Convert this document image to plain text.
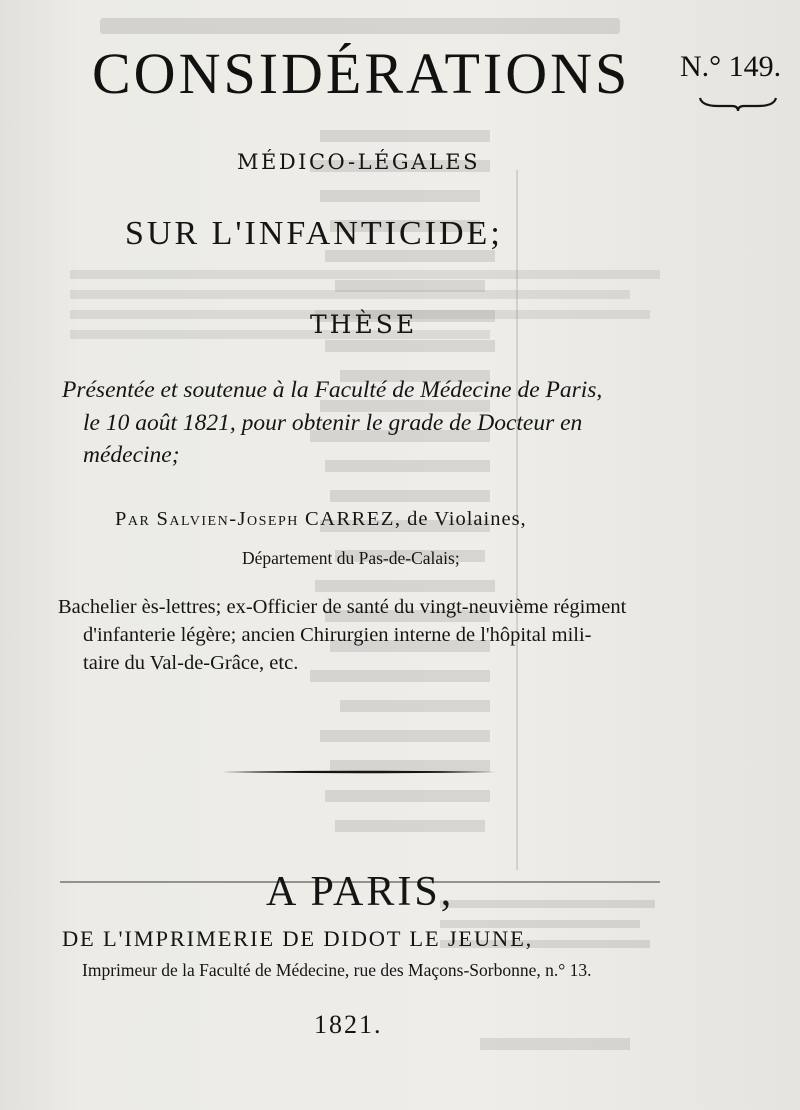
CONSIDÉRATIONS N.° 149.
MÉDICO-LÉGALES
SUR L'INFANTICIDE;
THÈSE
Présentée et soutenue à la Faculté de Médecine de Paris,
le 10 août 1821, pour obtenir le grade de Docteur en
médecine;
Par Salvien-Joseph CARREZ, de Violaines,
Département du Pas-de-Calais;
Bachelier ès-lettres; ex-Officier de santé du vingt-neuvième régiment
d'infanterie légère; ancien Chirurgien interne de l'hôpital mili-
taire du Val-de-Grâce, etc.
A PARIS,
DE L'IMPRIMERIE DE DIDOT LE JEUNE,
Imprimeur de la Faculté de Médecine, rue des Maçons-Sorbonne, n.° 13.
1821.
